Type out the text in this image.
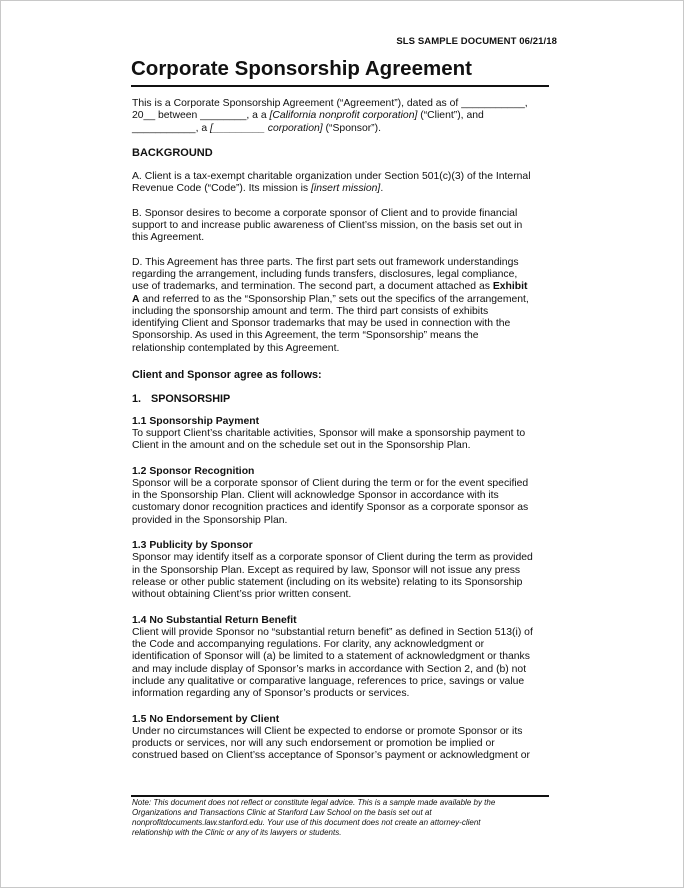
SLS SAMPLE DOCUMENT 06/21/18
Corporate Sponsorship Agreement

This is a Corporate Sponsorship Agreement (“Agreement”), dated as of ___________,
20__ between ________, a a [California nonprofit corporation] (“Client”), and
___________, a [_________ corporation] (“Sponsor”).

BACKGROUND

A. Client is a tax-exempt charitable organization under Section 501(c)(3) of the Internal
Revenue Code (“Code”). Its mission is [insert mission].

B. Sponsor desires to become a corporate sponsor of Client and to provide financial
support to and increase public awareness of Client’ss mission, on the basis set out in
this Agreement.

D. This Agreement has three parts. The first part sets out framework understandings
regarding the arrangement, including funds transfers, disclosures, legal compliance,
use of trademarks, and termination. The second part, a document attached as Exhibit
A and referred to as the “Sponsorship Plan,” sets out the specifics of the arrangement,
including the sponsorship amount and term. The third part consists of exhibits
identifying Client and Sponsor trademarks that may be used in connection with the
Sponsorship. As used in this Agreement, the term “Sponsorship” means the
relationship contemplated by this Agreement.

Client and Sponsor agree as follows:
1. SPONSORSHIP
1.1 Sponsorship Payment

To support Client’ss charitable activities, Sponsor will make a sponsorship payment to
Client in the amount and on the schedule set out in the Sponsorship Plan.

1.2 Sponsor Recognition

Sponsor will be a corporate sponsor of Client during the term or for the event specified
in the Sponsorship Plan. Client will acknowledge Sponsor in accordance with its
customary donor recognition practices and identify Sponsor as a corporate sponsor as
provided in the Sponsorship Plan.

1.3 Publicity by Sponsor

Sponsor may identify itself as a corporate sponsor of Client during the term as provided
in the Sponsorship Plan. Except as required by law, Sponsor will not issue any press
release or other public statement (including on its website) relating to its Sponsorship
without obtaining Client’ss prior written consent.

1.4 No Substantial Return Benefit

Client will provide Sponsor no “substantial return benefit” as defined in Section 513(i) of
the Code and accompanying regulations. For clarity, any acknowledgment or
identification of Sponsor will (a) be limited to a statement of acknowledgment or thanks
and may include display of Sponsor’s marks in accordance with Section 2, and (b) not
include any qualitative or comparative language, references to price, savings or value
information regarding any of Sponsor’s products or services.

1.5 No Endorsement by Client

Under no circumstances will Client be expected to endorse or promote Sponsor or its
products or services, nor will any such endorsement or promotion be implied or
construed based on Client’ss acceptance of Sponsor’s payment or acknowledgment or

Note: This document does not reflect or constitute legal advice. This is a sample made available by the
Organizations and Transactions Clinic at Stanford Law School on the basis set out at
nonprofitdocuments.law.stanford.edu. Your use of this document does not create an attorney-client
relationship with the Clinic or any of its lawyers or students.
